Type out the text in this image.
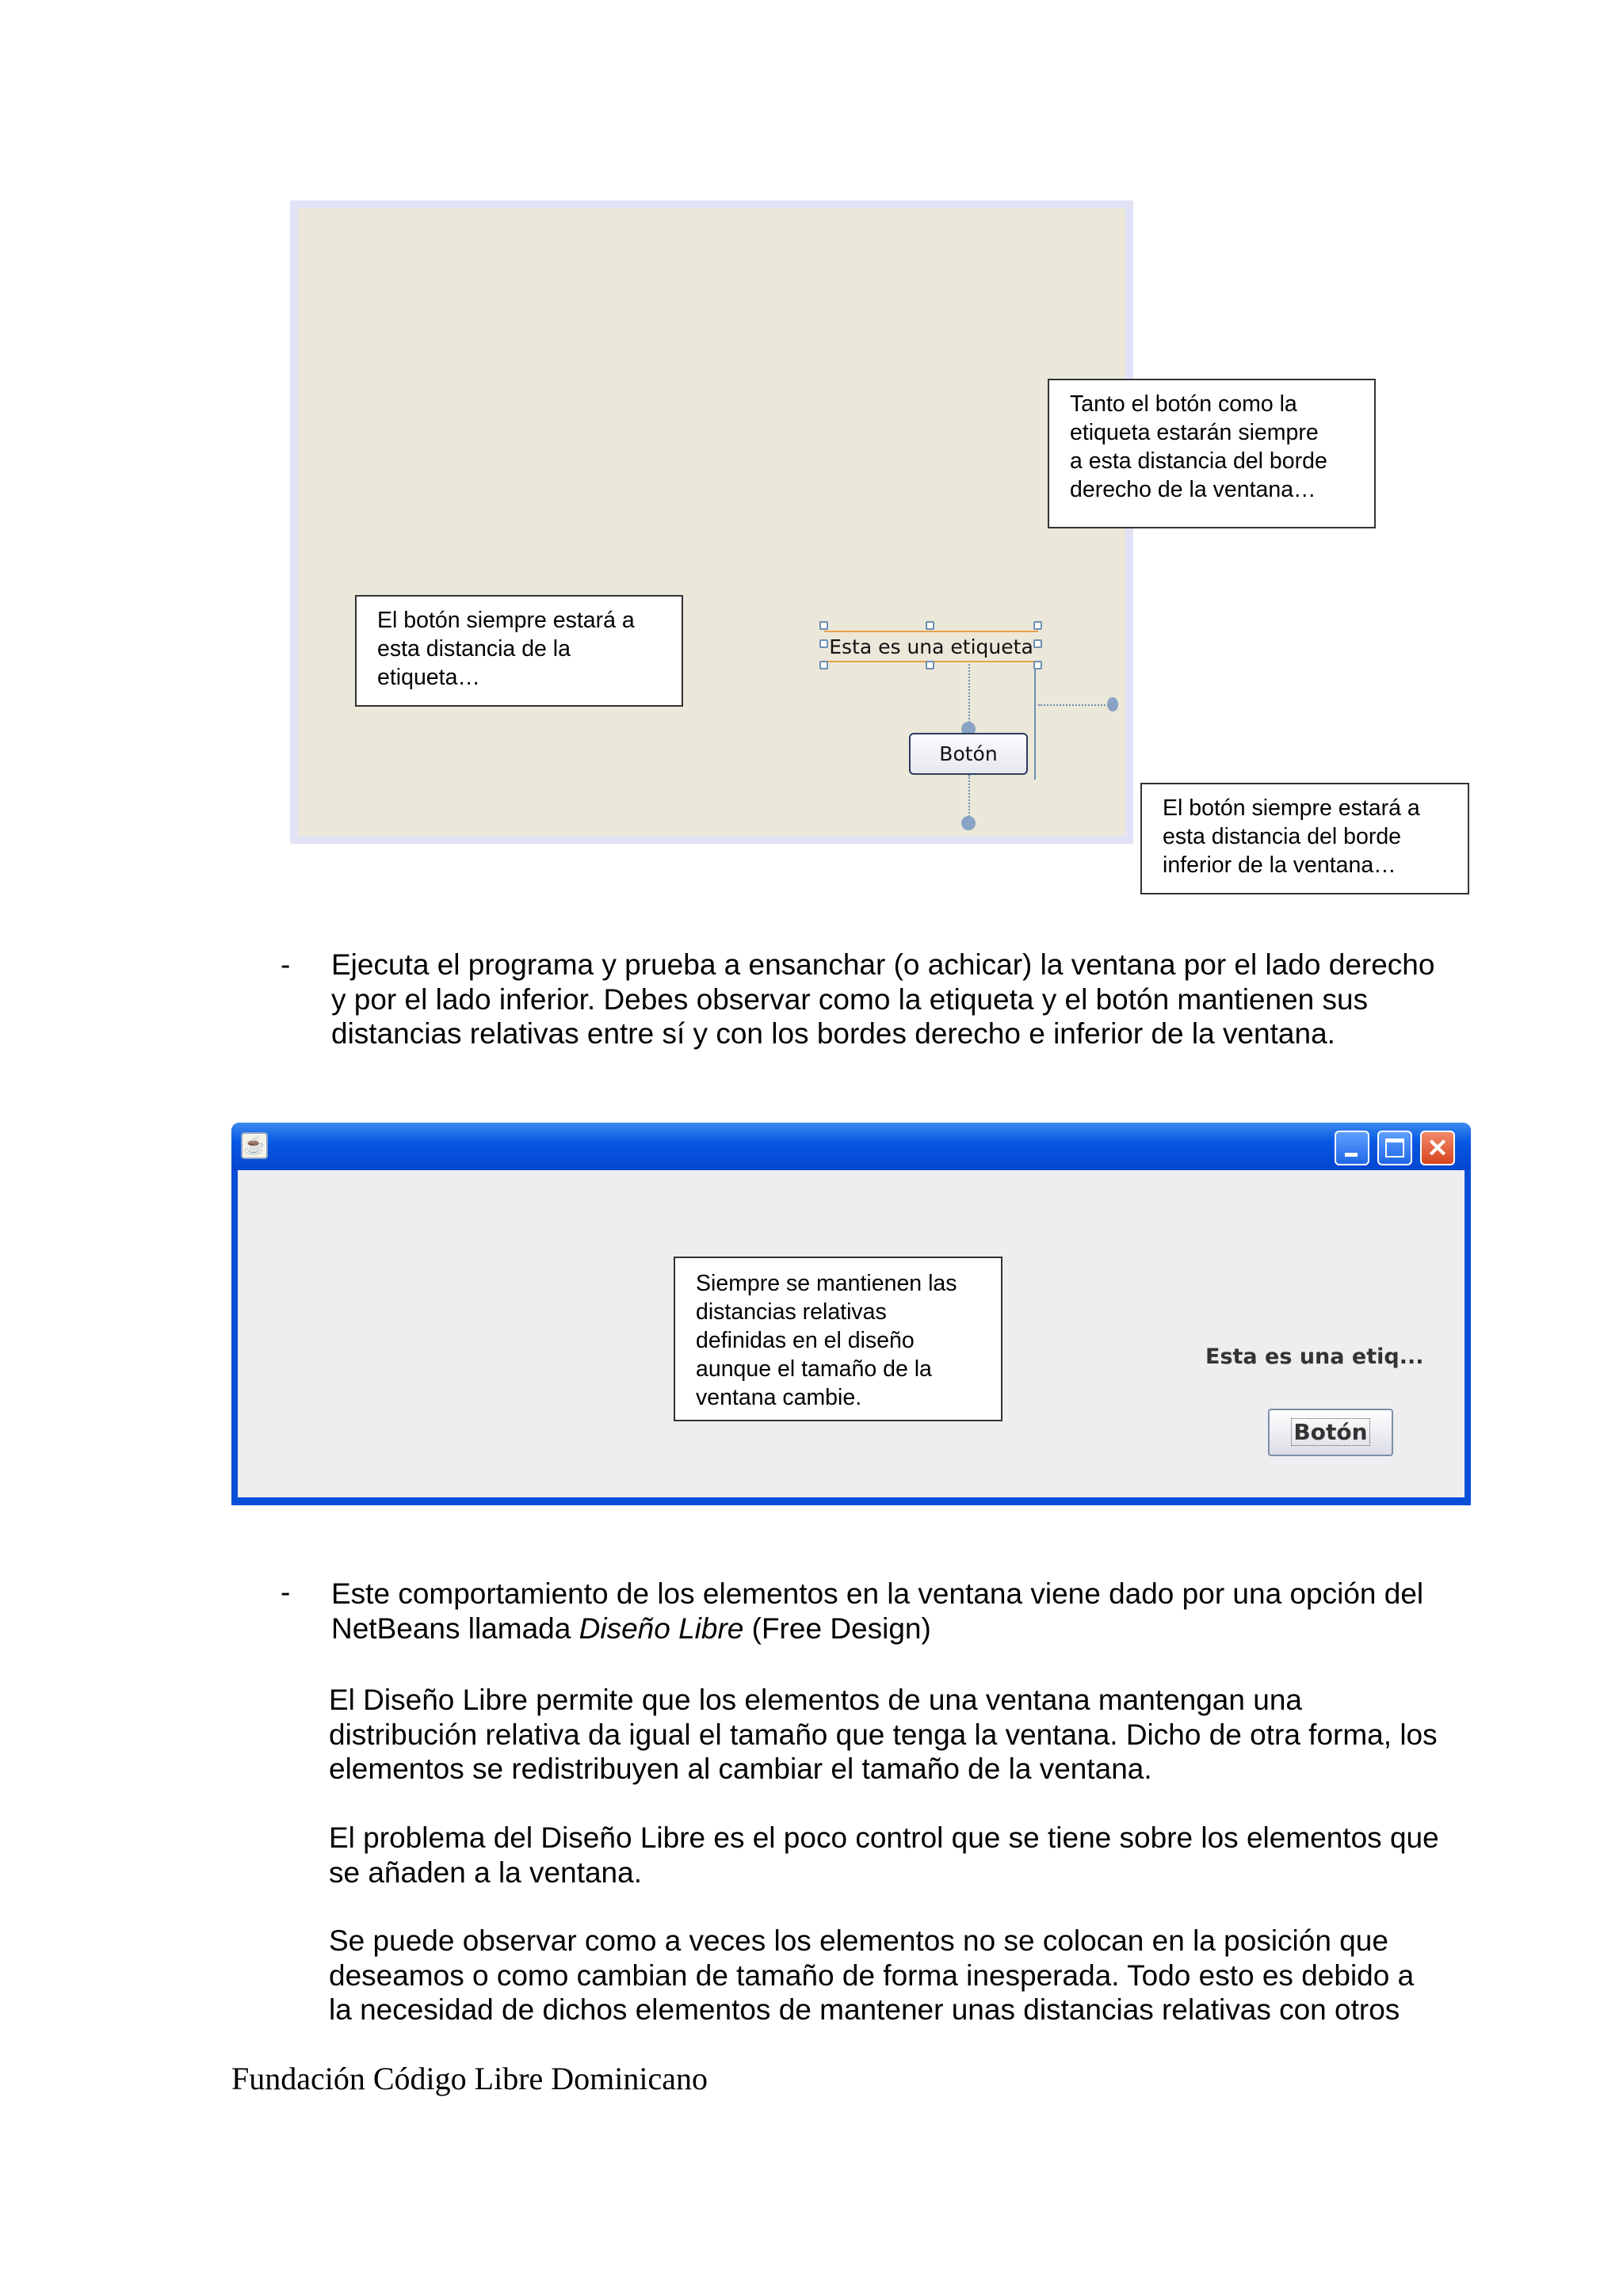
Esta es una etiqueta
Botón
Tanto el botón como la
etiqueta estarán siempre
a esta distancia del borde
derecho de la ventana…
El botón siempre estará a
esta distancia de la
etiqueta…
El botón siempre estará a
esta distancia del borde
inferior de la ventana…
- Ejecuta el programa y prueba a ensanchar (o achicar) la ventana por el lado derecho
y por el lado inferior. Debes observar como la etiqueta y el botón mantienen sus
distancias relativas entre sí y con los bordes derecho e inferior de la ventana.
☕	✕
Esta es una etiq...
Botón
Siempre se mantienen las
distancias relativas
definidas en el diseño
aunque el tamaño de la
ventana cambie.
- Este comportamiento de los elementos en la ventana viene dado por una opción del
NetBeans llamada Diseño Libre (Free Design)
El Diseño Libre permite que los elementos de una ventana mantengan una
distribución relativa da igual el tamaño que tenga la ventana. Dicho de otra forma, los
elementos se redistribuyen al cambiar el tamaño de la ventana.
El problema del Diseño Libre es el poco control que se tiene sobre los elementos que
se añaden a la ventana.
Se puede observar como a veces los elementos no se colocan en la posición que
deseamos o como cambian de tamaño de forma inesperada. Todo esto es debido a
la necesidad de dichos elementos de mantener unas distancias relativas con otros
Fundación Código Libre Dominicano
